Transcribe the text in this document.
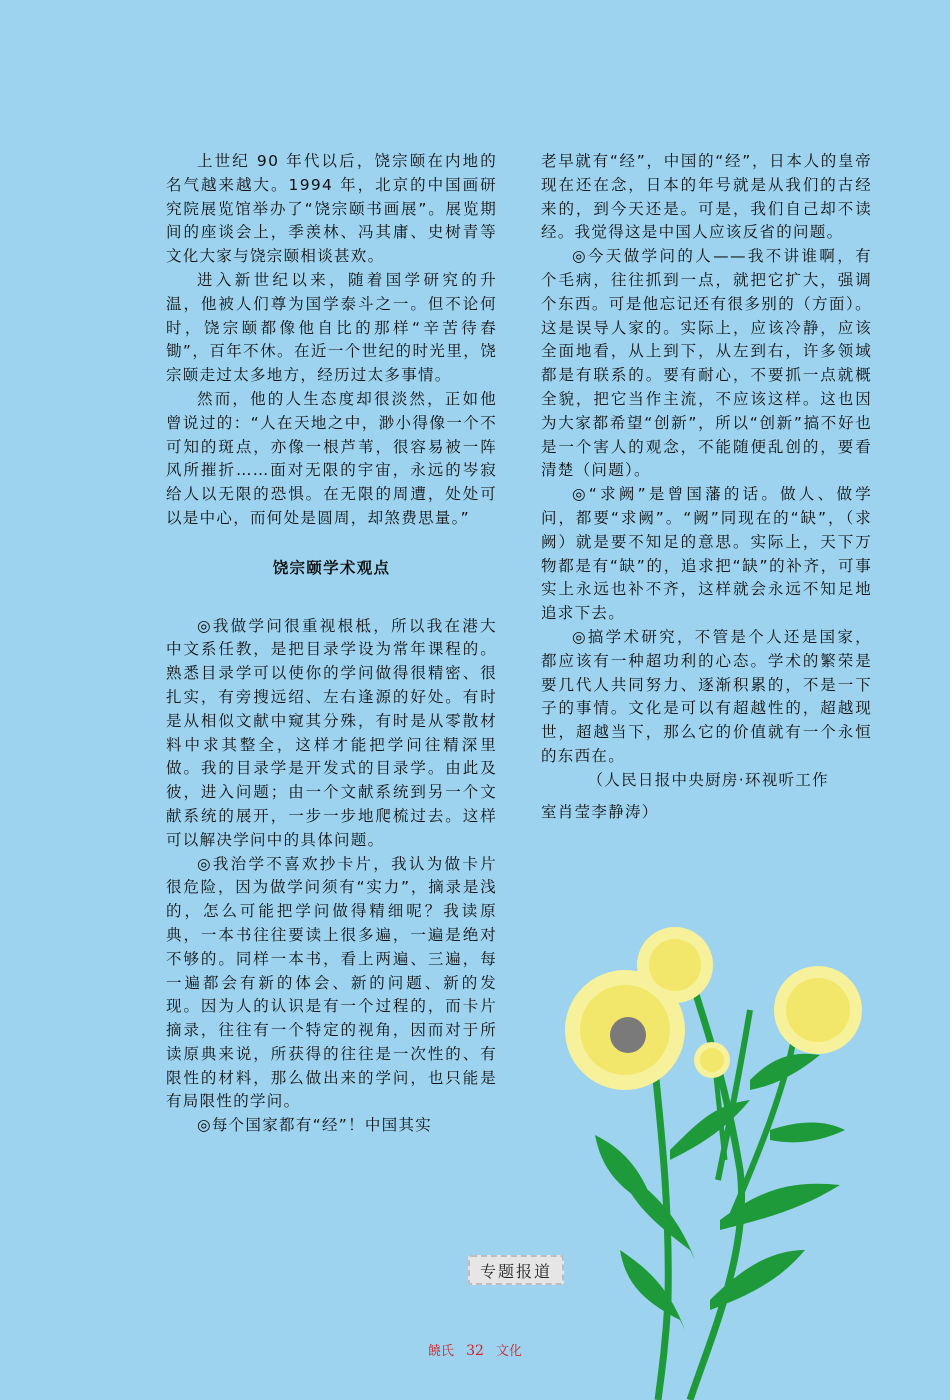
上世纪 90 年代以后，饶宗颐在内地的名气越来越大。1994 年，北京的中国画研究院展览馆举办了“饶宗颐书画展”。展览期间的座谈会上，季羡林、冯其庸、史树青等文化大家与饶宗颐相谈甚欢。

进入新世纪以来，随着国学研究的升温，他被人们尊为国学泰斗之一。但不论何时，饶宗颐都像他自比的那样“辛苦待舂锄”，百年不休。在近一个世纪的时光里，饶宗颐走过太多地方，经历过太多事情。

然而，他的人生态度却很淡然，正如他曾说过的：“人在天地之中，渺小得像一个不可知的斑点，亦像一根芦苇，很容易被一阵风所摧折……面对无限的宇宙，永远的岑寂给人以无限的恐惧。在无限的周遭，处处可以是中心，而何处是圆周，却煞费思量。”

饶宗颐学术观点

◎我做学问很重视根柢，所以我在港大中文系任教，是把目录学设为常年课程的。熟悉目录学可以使你的学问做得很精密、很扎实，有旁搜远绍、左右逢源的好处。有时是从相似文献中窥其分殊，有时是从零散材料中求其整全，这样才能把学问往精深里做。我的目录学是开发式的目录学。由此及彼，进入问题；由一个文献系统到另一个文献系统的展开，一步一步地爬梳过去。这样可以解决学问中的具体问题。

◎我治学不喜欢抄卡片，我认为做卡片很危险，因为做学问须有“实力”，摘录是浅的，怎么可能把学问做得精细呢？我读原典，一本书往往要读上很多遍，一遍是绝对不够的。同样一本书，看上两遍、三遍，每一遍都会有新的体会、新的问题、新的发现。因为人的认识是有一个过程的，而卡片摘录，往往有一个特定的视角，因而对于所读原典来说，所获得的往往是一次性的、有限性的材料，那么做出来的学问，也只能是有局限性的学问。

◎每个国家都有“经”！中国其实

老早就有“经”，中国的“经”，日本人的皇帝现在还在念，日本的年号就是从我们的古经来的，到今天还是。可是，我们自己却不读经。我觉得这是中国人应该反省的问题。

◎今天做学问的人——我不讲谁啊，有个毛病，往往抓到一点，就把它扩大，强调个东西。可是他忘记还有很多别的（方面）。这是误导人家的。实际上，应该冷静，应该全面地看，从上到下，从左到右，许多领域都是有联系的。要有耐心，不要抓一点就概全貌，把它当作主流，不应该这样。这也因为大家都希望“创新”，所以“创新”搞不好也是一个害人的观念，不能随便乱创的，要看清楚（问题）。

◎“求阙”是曾国藩的话。做人、做学问，都要“求阙”。“阙”同现在的“缺”，（求阙）就是要不知足的意思。实际上，天下万物都是有“缺”的，追求把“缺”的补齐，可事实上永远也补不齐，这样就会永远不知足地追求下去。

◎搞学术研究，不管是个人还是国家，都应该有一种超功利的心态。学术的繁荣是要几代人共同努力、逐渐积累的，不是一下子的事情。文化是可以有超越性的，超越现世，超越当下，那么它的价值就有一个永恒的东西在。

（人民日报中央厨房·环视听工作

室肖莹李静涛）

专题报道
饒氏 32 文化
